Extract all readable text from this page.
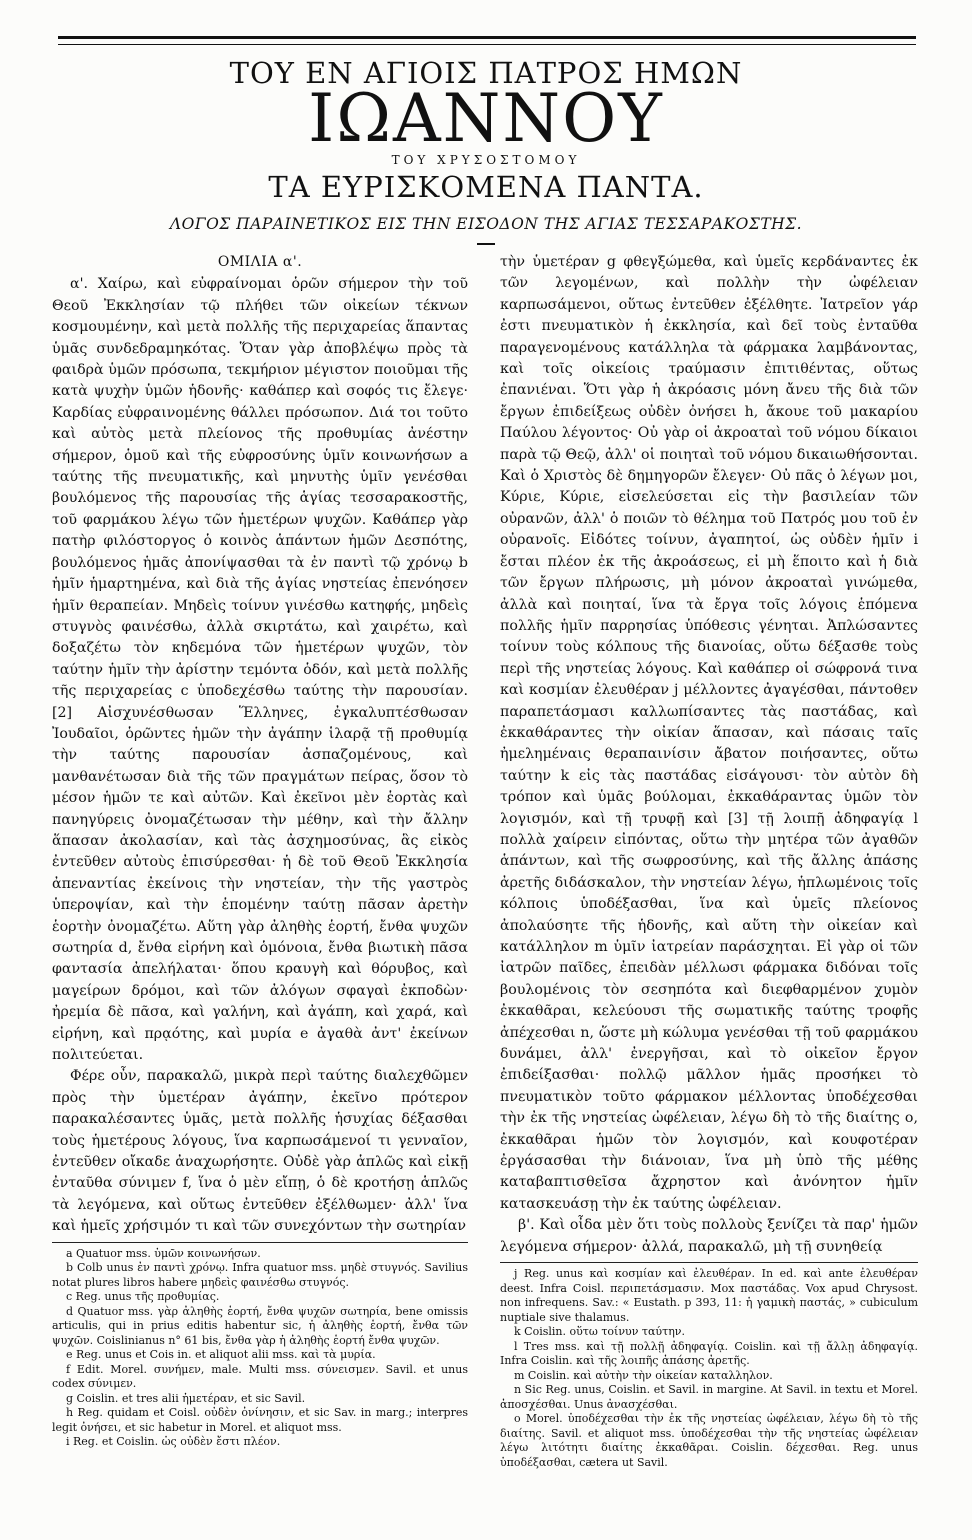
ΤΟΥ ΕΝ ΑΓΙΟΙΣ ΠΑΤΡΟΣ ΗΜΩΝ
ΙΩΑΝΝΟΥ
ΤΟΥ ΧΡΥΣΟΣΤΟΜΟΥ
ΤΑ ΕΥΡΙΣΚΟΜΕΝΑ ΠΑΝΤΑ.
ΛΟΓΟΣ ΠΑΡΑΙΝΕΤΙΚΟΣ ΕΙΣ ΤΗΝ ΕΙΣΟΔΟΝ ΤΗΣ ΑΓΙΑΣ ΤΕΣΣΑΡΑΚΟΣΤΗΣ.
ΟΜΙΛΙΑ α'.

α'. Χαίρω, καὶ εὐφραίνομαι ὁρῶν σήμερον τὴν τοῦ Θεοῦ Ἐκκλησίαν τῷ πλήθει τῶν οἰκείων τέκνων κοσμουμένην, καὶ μετὰ πολλῆς τῆς περιχαρείας ἅπαντας ὑμᾶς συνδεδραμηκότας. Ὅταν γὰρ ἀποβλέψω πρὸς τὰ φαιδρὰ ὑμῶν πρόσωπα, τεκμήριον μέγιστον ποιοῦμαι τῆς κατὰ ψυχὴν ὑμῶν ἡδονῆς· καθάπερ καὶ σοφός τις ἔλεγε· Καρδίας εὐφραινομένης θάλλει πρόσωπον. Διά τοι τοῦτο καὶ αὐτὸς μετὰ πλείονος τῆς προθυμίας ἀνέστην σήμερον, ὁμοῦ καὶ τῆς εὐφροσύνης ὑμῖν κοινωνήσων a ταύτης τῆς πνευματικῆς, καὶ μηνυτὴς ὑμῖν γενέσθαι βουλόμενος τῆς παρουσίας τῆς ἁγίας τεσσαρακοστῆς, τοῦ φαρμάκου λέγω τῶν ἡμετέρων ψυχῶν. Καθάπερ γὰρ πατὴρ φιλόστοργος ὁ κοινὸς ἁπάντων ἡμῶν Δεσπότης, βουλόμενος ἡμᾶς ἀπονίψασθαι τὰ ἐν παντὶ τῷ χρόνῳ b ἡμῖν ἡμαρτημένα, καὶ διὰ τῆς ἁγίας νηστείας ἐπενόησεν ἡμῖν θεραπείαν. Μηδεὶς τοίνυν γινέσθω κατηφής, μηδεὶς στυγνὸς φαινέσθω, ἀλλὰ σκιρτάτω, καὶ χαιρέτω, καὶ δοξαζέτω τὸν κηδεμόνα τῶν ἡμετέρων ψυχῶν, τὸν ταύτην ἡμῖν τὴν ἀρίστην τεμόντα ὁδόν, καὶ μετὰ πολλῆς τῆς περιχαρείας c ὑποδεχέσθω ταύτης τὴν παρουσίαν. [2] Αἰσχυνέσθωσαν Ἕλληνες, ἐγκαλυπτέσθωσαν Ἰουδαῖοι, ὁρῶντες ἡμῶν τὴν ἀγάπην ἱλαρᾷ τῇ προθυμίᾳ τὴν ταύτης παρουσίαν ἀσπαζομένους, καὶ μανθανέτωσαν διὰ τῆς τῶν πραγμάτων πείρας, ὅσον τὸ μέσον ἡμῶν τε καὶ αὐτῶν. Καὶ ἐκεῖνοι μὲν ἑορτὰς καὶ πανηγύρεις ὀνομαζέτωσαν τὴν μέθην, καὶ τὴν ἄλλην ἅπασαν ἀκολασίαν, καὶ τὰς ἀσχημοσύνας, ἃς εἰκὸς ἐντεῦθεν αὐτοὺς ἐπισύρεσθαι· ἡ δὲ τοῦ Θεοῦ Ἐκκλησία ἀπεναντίας ἐκείνοις τὴν νηστείαν, τὴν τῆς γαστρὸς ὑπεροψίαν, καὶ τὴν ἑπομένην ταύτῃ πᾶσαν ἀρετὴν ἑορτὴν ὀνομαζέτω. Αὕτη γὰρ ἀληθὴς ἑορτή, ἔνθα ψυχῶν σωτηρία d, ἔνθα εἰρήνη καὶ ὁμόνοια, ἔνθα βιωτικὴ πᾶσα φαντασία ἀπελήλαται· ὅπου κραυγὴ καὶ θόρυβος, καὶ μαγείρων δρόμοι, καὶ τῶν ἀλόγων σφαγαὶ ἐκποδὼν· ἠρεμία δὲ πᾶσα, καὶ γαλήνη, καὶ ἀγάπη, καὶ χαρά, καὶ εἰρήνη, καὶ πρᾳότης, καὶ μυρία e ἀγαθὰ ἀντ' ἐκείνων πολιτεύεται.

Φέρε οὖν, παρακαλῶ, μικρὰ περὶ ταύτης διαλεχθῶμεν πρὸς τὴν ὑμετέραν ἀγάπην, ἐκεῖνο πρότερον παρακαλέσαντες ὑμᾶς, μετὰ πολλῆς ἡσυχίας δέξασθαι τοὺς ἡμετέρους λόγους, ἵνα καρπωσάμενοί τι γενναῖον, ἐντεῦθεν οἴκαδε ἀναχωρήσητε. Οὐδὲ γὰρ ἁπλῶς καὶ εἰκῇ ἐνταῦθα σύνιμεν f, ἵνα ὁ μὲν εἴπῃ, ὁ δὲ κροτήσῃ ἁπλῶς τὰ λεγόμενα, καὶ οὕτως ἐντεῦθεν ἐξέλθωμεν· ἀλλ' ἵνα καὶ ἡμεῖς χρήσιμόν τι καὶ τῶν συνεχόντων τὴν σωτηρίαν

a Quatuor mss. ὑμῶν κοινωνήσων.

b Colb unus ἐν παντὶ χρόνῳ. Infra quatuor mss. μηδὲ στυγνός. Savilius notat plures libros habere μηδεὶς φαινέσθω στυγνός.

c Reg. unus τῆς προθυμίας.

d Quatuor mss. γὰρ ἀληθὴς ἑορτή, ἔνθα ψυχῶν σωτηρία, bene omissis articulis, qui in prius editis habentur sic, ἡ ἀληθὴς ἑορτή, ἔνθα τῶν ψυχῶν. Coislinianus n° 61 bis, ἔνθα γὰρ ἡ ἀληθὴς ἑορτή ἔνθα ψυχῶν.

e Reg. unus et Cois in. et aliquot alii mss. καὶ τὰ μυρία.

f Edit. Morel. συνήμεν, male. Multi mss. σύνεισμεν. Savil. et unus codex σύνιμεν.

g Coislin. et tres alii ἡμετέραν, et sic Savil.

h Reg. quidam et Coisl. οὐδὲν ὀνίνησιν, et sic Sav. in marg.; interpres legit ὀνήσει, et sic habetur in Morel. et aliquot mss.

i Reg. et Coislin. ὡς οὐδὲν ἔστι πλέον.

τὴν ὑμετέραν g φθεγξώμεθα, καὶ ὑμεῖς κερδάναντες ἐκ τῶν λεγομένων, καὶ πολλὴν τὴν ὠφέλειαν καρπωσάμενοι, οὕτως ἐντεῦθεν ἐξέλθητε. Ἰατρεῖον γάρ ἐστι πνευματικὸν ἡ ἐκκλησία, καὶ δεῖ τοὺς ἐνταῦθα παραγενομένους κατάλληλα τὰ φάρμακα λαμβάνοντας, καὶ τοῖς οἰκείοις τραύμασιν ἐπιτιθέντας, οὕτως ἐπανιέναι. Ὅτι γὰρ ἡ ἀκρόασις μόνη ἄνευ τῆς διὰ τῶν ἔργων ἐπιδείξεως οὐδὲν ὀνήσει h, ἄκουε τοῦ μακαρίου Παύλου λέγοντος· Οὐ γὰρ οἱ ἀκροαταὶ τοῦ νόμου δίκαιοι παρὰ τῷ Θεῷ, ἀλλ' οἱ ποιηταὶ τοῦ νόμου δικαιωθήσονται. Καὶ ὁ Χριστὸς δὲ δημηγορῶν ἔλεγεν· Οὐ πᾶς ὁ λέγων μοι, Κύριε, Κύριε, εἰσελεύσεται εἰς τὴν βασιλείαν τῶν οὐρανῶν, ἀλλ' ὁ ποιῶν τὸ θέλημα τοῦ Πατρός μου τοῦ ἐν οὐρανοῖς. Εἰδότες τοίνυν, ἀγαπητοί, ὡς οὐδὲν ἡμῖν i ἔσται πλέον ἐκ τῆς ἀκροάσεως, εἰ μὴ ἕποιτο καὶ ἡ διὰ τῶν ἔργων πλήρωσις, μὴ μόνον ἀκροαταὶ γινώμεθα, ἀλλὰ καὶ ποιηταί, ἵνα τὰ ἔργα τοῖς λόγοις ἑπόμενα πολλῆς ἡμῖν παρρησίας ὑπόθεσις γένηται. Ἀπλώσαντες τοίνυν τοὺς κόλπους τῆς διανοίας, οὕτω δέξασθε τοὺς περὶ τῆς νηστείας λόγους. Καὶ καθάπερ οἱ σώφρονά τινα καὶ κοσμίαν ἐλευθέραν j μέλλοντες ἀγαγέσθαι, πάντοθεν παραπετάσμασι καλλωπίσαντες τὰς παστάδας, καὶ ἐκκαθάραντες τὴν οἰκίαν ἅπασαν, καὶ πάσαις ταῖς ἠμελημέναις θεραπαινίσιν ἄβατον ποιήσαντες, οὕτω ταύτην k εἰς τὰς παστάδας εἰσάγουσι· τὸν αὐτὸν δὴ τρόπον καὶ ὑμᾶς βούλομαι, ἐκκαθάραντας ὑμῶν τὸν λογισμόν, καὶ τῇ τρυφῇ καὶ [3] τῇ λοιπῇ ἀδηφαγίᾳ l πολλὰ χαίρειν εἰπόντας, οὕτω τὴν μητέρα τῶν ἀγαθῶν ἁπάντων, καὶ τῆς σωφροσύνης, καὶ τῆς ἄλλης ἁπάσης ἀρετῆς διδάσκαλον, τὴν νηστείαν λέγω, ἡπλωμένοις τοῖς κόλποις ὑποδέξασθαι, ἵνα καὶ ὑμεῖς πλείονος ἀπολαύσητε τῆς ἡδονῆς, καὶ αὕτη τὴν οἰκείαν καὶ κατάλληλον m ὑμῖν ἰατρείαν παράσχηται. Εἰ γὰρ οἱ τῶν ἰατρῶν παῖδες, ἐπειδὰν μέλλωσι φάρμακα διδόναι τοῖς βουλομένοις τὸν σεσηπότα καὶ διεφθαρμένον χυμὸν ἐκκαθᾶραι, κελεύουσι τῆς σωματικῆς ταύτης τροφῆς ἀπέχεσθαι n, ὥστε μὴ κώλυμα γενέσθαι τῇ τοῦ φαρμάκου δυνάμει, ἀλλ' ἐνεργῆσαι, καὶ τὸ οἰκεῖον ἔργον ἐπιδείξασθαι· πολλῷ μᾶλλον ἡμᾶς προσήκει τὸ πνευματικὸν τοῦτο φάρμακον μέλλοντας ὑποδέχεσθαι τὴν ἐκ τῆς νηστείας ὠφέλειαν, λέγω δὴ τὸ τῆς διαίτης o, ἐκκαθᾶραι ἡμῶν τὸν λογισμόν, καὶ κουφοτέραν ἐργάσασθαι τὴν διάνοιαν, ἵνα μὴ ὑπὸ τῆς μέθης καταβαπτισθεῖσα ἄχρηστον καὶ ἀνόνητον ἡμῖν κατασκευάσῃ τὴν ἐκ ταύτης ὠφέλειαν.

β'. Καὶ οἶδα μὲν ὅτι τοὺς πολλοὺς ξενίζει τὰ παρ' ἡμῶν λεγόμενα σήμερον· ἀλλά, παρακαλῶ, μὴ τῇ συνηθείᾳ

j Reg. unus καὶ κοσμίαν καὶ ἐλευθέραν. In ed. καὶ ante ἐλευθέραν deest. Infra Coisl. περιπετάσμασιν. Mox παστάδας. Vox apud Chrysost. non infrequens. Sav.: « Eustath. p 393, 11: ἡ γαμικὴ παστάς, » cubiculum nuptiale sive thalamus.

k Coislin. οὕτω τοίνυν ταύτην.

l Tres mss. καὶ τῇ πολλῇ ἀδηφαγίᾳ. Coislin. καὶ τῇ ἄλλῃ ἀδηφαγίᾳ. Infra Coislin. καὶ τῆς λοιπῆς ἁπάσης ἀρετῆς.

m Coislin. καὶ αὐτὴν τὴν οἰκείαν καταλληλον.

n Sic Reg. unus, Coislin. et Savil. in margine. At Savil. in textu et Morel. ἀποσχέσθαι. Unus ἀνασχέσθαι.

o Morel. ὑποδέχεσθαι τὴν ἐκ τῆς νηστείας ὠφέλειαν, λέγω δὴ τὸ τῆς διαίτης. Savil. et aliquot mss. ὑποδέχεσθαι τὴν τῆς νηστείας ὠφέλειαν λέγω λιτότητι διαίτης ἐκκαθᾶραι. Coislin. δέχεσθαι. Reg. unus ὑποδέξασθαι, cætera ut Savil.
